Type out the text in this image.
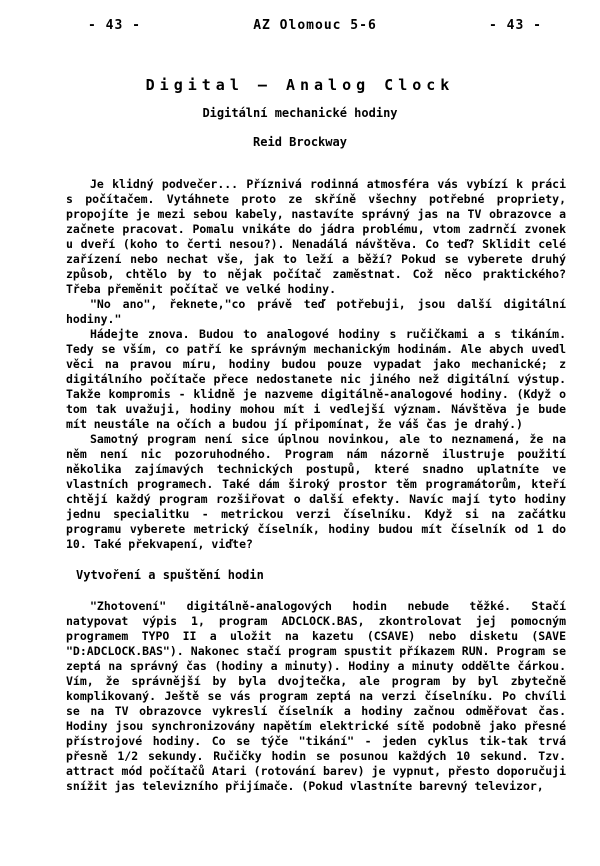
- 43 -	AZ Olomouc 5-6	- 43 -
Digital — Analog Clock
Digitální mechanické hodiny
Reid Brockway

Je klidný podvečer... Příznivá rodinná atmosféra vás vybízí k práci s počítačem. Vytáhnete proto ze skříně všechny potřebné propriety, propojíte je mezi sebou kabely, nastavíte správný jas na TV obrazovce a začnete pracovat. Pomalu vnikáte do jádra problému, vtom zadrnčí zvonek u dveří (koho to čerti nesou?). Nenadálá návštěva. Co teď? Sklidit celé zařízení nebo nechat vše, jak to leží a běží? Pokud se vyberete druhý způsob, chtělo by to nějak počítač zaměstnat. Což něco praktického? Třeba přeměnit počítač ve velké hodiny.

"No ano", řeknete,"co právě teď potřebuji, jsou další digitální hodiny."

Hádejte znova. Budou to analogové hodiny s ručičkami a s tikáním. Tedy se vším, co patří ke správným mechanickým hodinám. Ale abych uvedl věci na pravou míru, hodiny budou pouze vypadat jako mechanické; z digitálního počítače přece nedostanete nic jiného než digitální výstup. Takže kompromis - klidně je nazveme digitálně-analogové hodiny. (Když o tom tak uvažuji, hodiny mohou mít i vedlejší význam. Návštěva je bude mít neustále na očích a budou jí připomínat, že váš čas je drahý.)

Samotný program není sice úplnou novinkou, ale to neznamená, že na něm není nic pozoruhodného. Program nám názorně ilustruje použití několika zajímavých technických postupů, které snadno uplatníte ve vlastních programech. Také dám široký prostor těm programátorům, kteří chtějí každý program rozšiřovat o další efekty. Navíc mají tyto hodiny jednu specialitku - metrickou verzi číselníku. Když si na začátku programu vyberete metrický číselník, hodiny budou mít číselník od 1 do 10. Také překvapení, viďte?

Vytvoření a spuštění hodin

"Zhotovení" digitálně-analogových hodin nebude těžké. Stačí natypovat výpis 1, program ADCLOCK.BAS, zkontrolovat jej pomocným programem TYPO II a uložit na kazetu (CSAVE) nebo disketu (SAVE "D:ADCLOCK.BAS"). Nakonec stačí program spustit příkazem RUN. Program se zeptá na správný čas (hodiny a minuty). Hodiny a minuty oddělte čárkou. Vím, že správnější by byla dvojtečka, ale program by byl zbytečně komplikovaný. Ještě se vás program zeptá na verzi číselníku. Po chvíli se na TV obrazovce vykreslí číselník a hodiny začnou odměřovat čas. Hodiny jsou synchronizovány napětím elektrické sítě podobně jako přesné přístrojové hodiny. Co se týče "tikání" - jeden cyklus tik-tak trvá přesně 1/2 sekundy. Ručičky hodin se posunou každých 10 sekund. Tzv. attract mód počítačů Atari (rotování barev) je vypnut, přesto doporučuji snížit jas televizního přijímače. (Pokud vlastníte barevný televizor,
